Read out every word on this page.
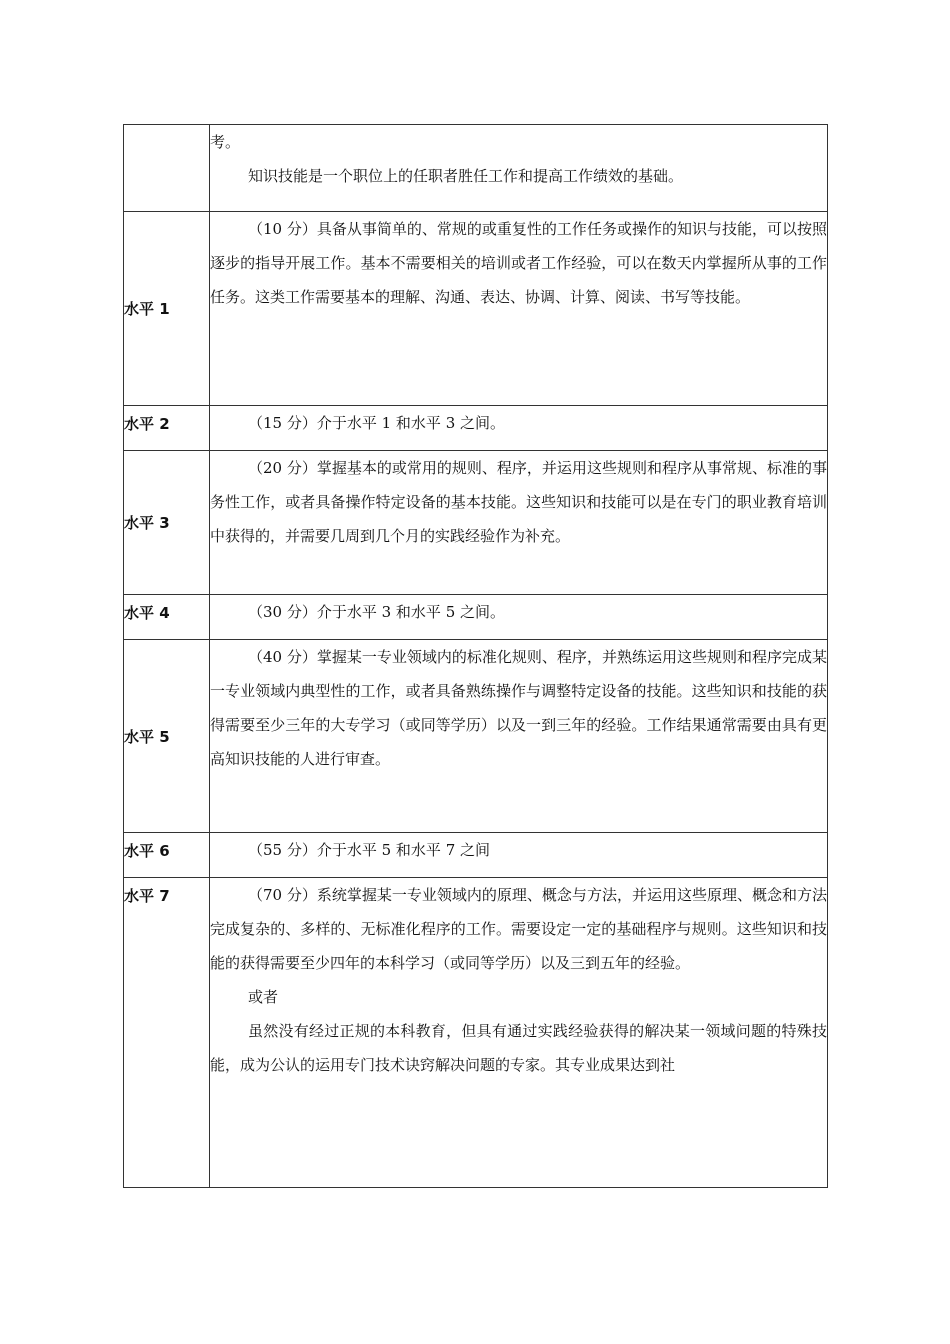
	考。

知识技能是一个职位上的任职者胜任工作和提高工作绩效的基础。

水平 1	（10 分）具备从事简单的、常规的或重复性的工作任务或操作的知识与技能，可以按照逐步的指导开展工作。基本不需要相关的培训或者工作经验，可以在数天内掌握所从事的工作任务。这类工作需要基本的理解、沟通、表达、协调、计算、阅读、书写等技能。

水平 2	（15 分）介于水平 1 和水平 3 之间。

水平 3	（20 分）掌握基本的或常用的规则、程序，并运用这些规则和程序从事常规、标准的事务性工作，或者具备操作特定设备的基本技能。这些知识和技能可以是在专门的职业教育培训中获得的，并需要几周到几个月的实践经验作为补充。

水平 4	（30 分）介于水平 3 和水平 5 之间。

水平 5	（40 分）掌握某一专业领域内的标准化规则、程序，并熟练运用这些规则和程序完成某一专业领域内典型性的工作，或者具备熟练操作与调整特定设备的技能。这些知识和技能的获得需要至少三年的大专学习（或同等学历）以及一到三年的经验。工作结果通常需要由具有更高知识技能的人进行审查。

水平 6	（55 分）介于水平 5 和水平 7 之间

水平 7	（70 分）系统掌握某一专业领域内的原理、概念与方法，并运用这些原理、概念和方法完成复杂的、多样的、无标准化程序的工作。需要设定一定的基础程序与规则。这些知识和技能的获得需要至少四年的本科学习（或同等学历）以及三到五年的经验。

或者

虽然没有经过正规的本科教育，但具有通过实践经验获得的解决某一领域问题的特殊技能，成为公认的运用专门技术诀窍解决问题的专家。其专业成果达到社
